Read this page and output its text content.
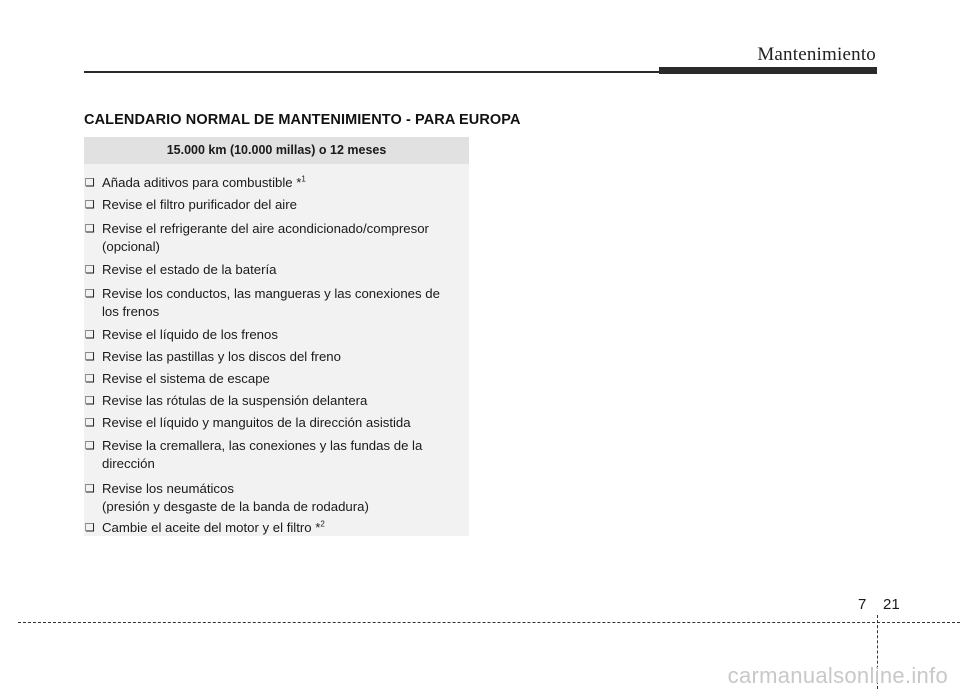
Mantenimiento
CALENDARIO NORMAL DE MANTENIMIENTO - PARA EUROPA
15.000 km (10.000 millas) o 12 meses
❑ Añada aditivos para combustible *$^1$
❑ Revise el filtro purificador del aire
❑ Revise el refrigerante del aire acondicionado/compresor
(opcional)
❑ Revise el estado de la batería
❑ Revise los conductos, las mangueras y las conexiones de
los frenos
❑ Revise el líquido de los frenos
❑ Revise las pastillas y los discos del freno
❑ Revise el sistema de escape
❑ Revise las rótulas de la suspensión delantera
❑ Revise el líquido y manguitos de la dirección asistida
❑ Revise la cremallera, las conexiones y las fundas de la
dirección
❑ Revise los neumáticos
(presión y desgaste de la banda de rodadura)
❑ Cambie el aceite del motor y el filtro *$^2$
7 21
carmanualsonline.info
